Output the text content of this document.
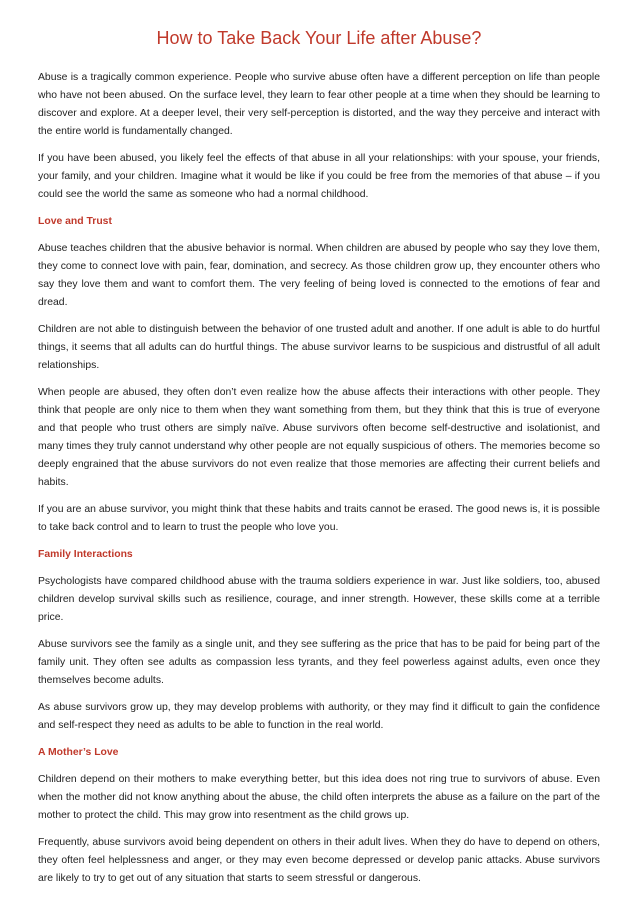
How to Take Back Your Life after Abuse?

Abuse is a tragically common experience. People who survive abuse often have a different perception on life than people who have not been abused. On the surface level, they learn to fear other people at a time when they should be learning to discover and explore. At a deeper level, their very self-perception is distorted, and the way they perceive and interact with the entire world is fundamentally changed.

If you have been abused, you likely feel the effects of that abuse in all your relationships: with your spouse, your friends, your family, and your children. Imagine what it would be like if you could be free from the memories of that abuse – if you could see the world the same as someone who had a normal childhood.

Love and Trust

Abuse teaches children that the abusive behavior is normal. When children are abused by people who say they love them, they come to connect love with pain, fear, domination, and secrecy. As those children grow up, they encounter others who say they love them and want to comfort them. The very feeling of being loved is connected to the emotions of fear and dread.

Children are not able to distinguish between the behavior of one trusted adult and another. If one adult is able to do hurtful things, it seems that all adults can do hurtful things. The abuse survivor learns to be suspicious and distrustful of all adult relationships.

When people are abused, they often don’t even realize how the abuse affects their interactions with other people. They think that people are only nice to them when they want something from them, but they think that this is true of everyone and that people who trust others are simply naïve. Abuse survivors often become self-destructive and isolationist, and many times they truly cannot understand why other people are not equally suspicious of others. The memories become so deeply engrained that the abuse survivors do not even realize that those memories are affecting their current beliefs and habits.

If you are an abuse survivor, you might think that these habits and traits cannot be erased. The good news is, it is possible to take back control and to learn to trust the people who love you.

Family Interactions

Psychologists have compared childhood abuse with the trauma soldiers experience in war. Just like soldiers, too, abused children develop survival skills such as resilience, courage, and inner strength. However, these skills come at a terrible price.

Abuse survivors see the family as a single unit, and they see suffering as the price that has to be paid for being part of the family unit. They often see adults as compassion less tyrants, and they feel powerless against adults, even once they themselves become adults.

As abuse survivors grow up, they may develop problems with authority, or they may find it difficult to gain the confidence and self-respect they need as adults to be able to function in the real world.

A Mother’s Love

Children depend on their mothers to make everything better, but this idea does not ring true to survivors of abuse. Even when the mother did not know anything about the abuse, the child often interprets the abuse as a failure on the part of the mother to protect the child. This may grow into resentment as the child grows up.

Frequently, abuse survivors avoid being dependent on others in their adult lives. When they do have to depend on others, they often feel helplessness and anger, or they may even become depressed or develop panic attacks. Abuse survivors are likely to try to get out of any situation that starts to seem stressful or dangerous.
